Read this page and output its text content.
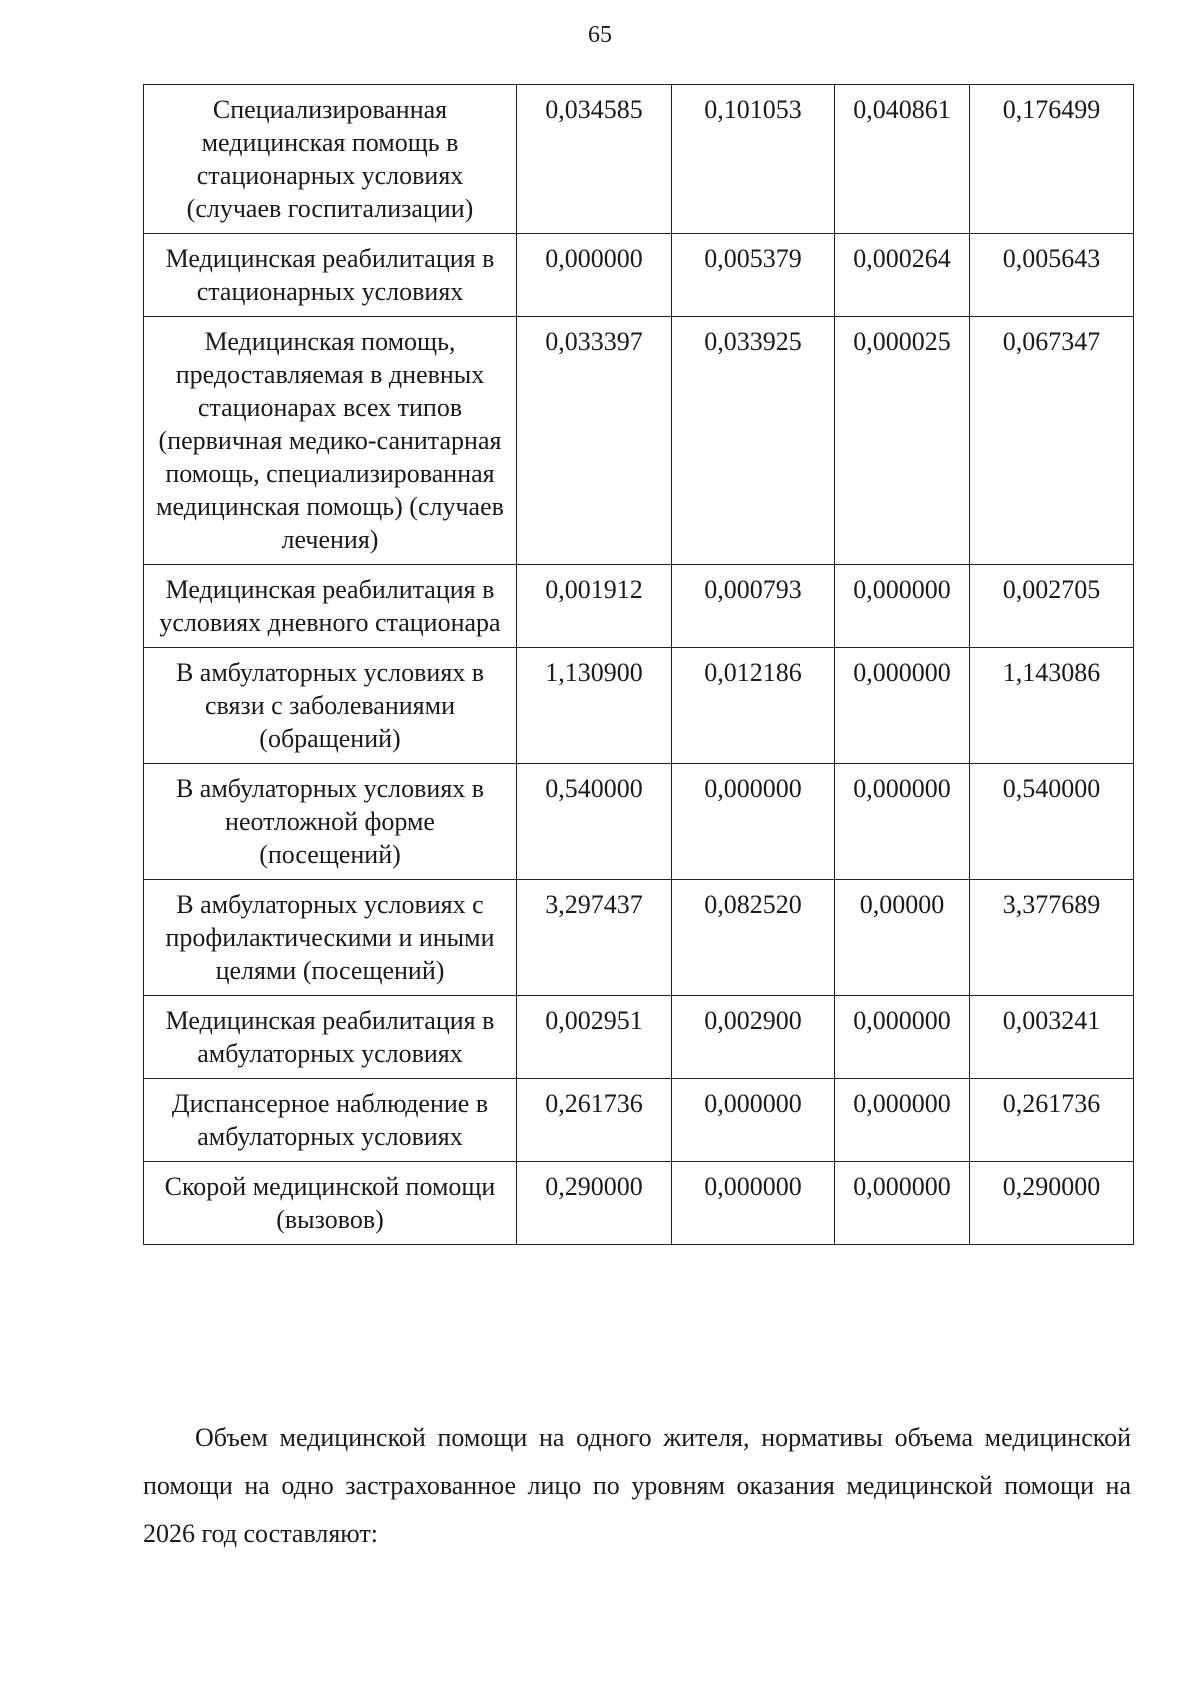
65
Специализированная медицинская помощь в стационарных условиях (случаев госпитализации)	0,034585	0,101053	0,040861	0,176499
Медицинская реабилитация в стационарных условиях	0,000000	0,005379	0,000264	0,005643
Медицинская помощь, предоставляемая в дневных стационарах всех типов (первичная медико-санитарная помощь, специализированная медицинская помощь) (случаев лечения)	0,033397	0,033925	0,000025	0,067347
Медицинская реабилитация в условиях дневного стационара	0,001912	0,000793	0,000000	0,002705
В амбулаторных условиях в связи с заболеваниями (обращений)	1,130900	0,012186	0,000000	1,143086
В амбулаторных условиях в неотложной форме (посещений)	0,540000	0,000000	0,000000	0,540000
В амбулаторных условиях с профилактическими и иными целями (посещений)	3,297437	0,082520	0,00000	3,377689
Медицинская реабилитация в амбулаторных условиях	0,002951	0,002900	0,000000	0,003241
Диспансерное наблюдение в амбулаторных условиях	0,261736	0,000000	0,000000	0,261736
Скорой медицинской помощи (вызовов)	0,290000	0,000000	0,000000	0,290000

Объем медицинской помощи на одного жителя, нормативы объема медицинской помощи на одно застрахованное лицо по уровням оказания медицинской помощи на 2026 год составляют:
